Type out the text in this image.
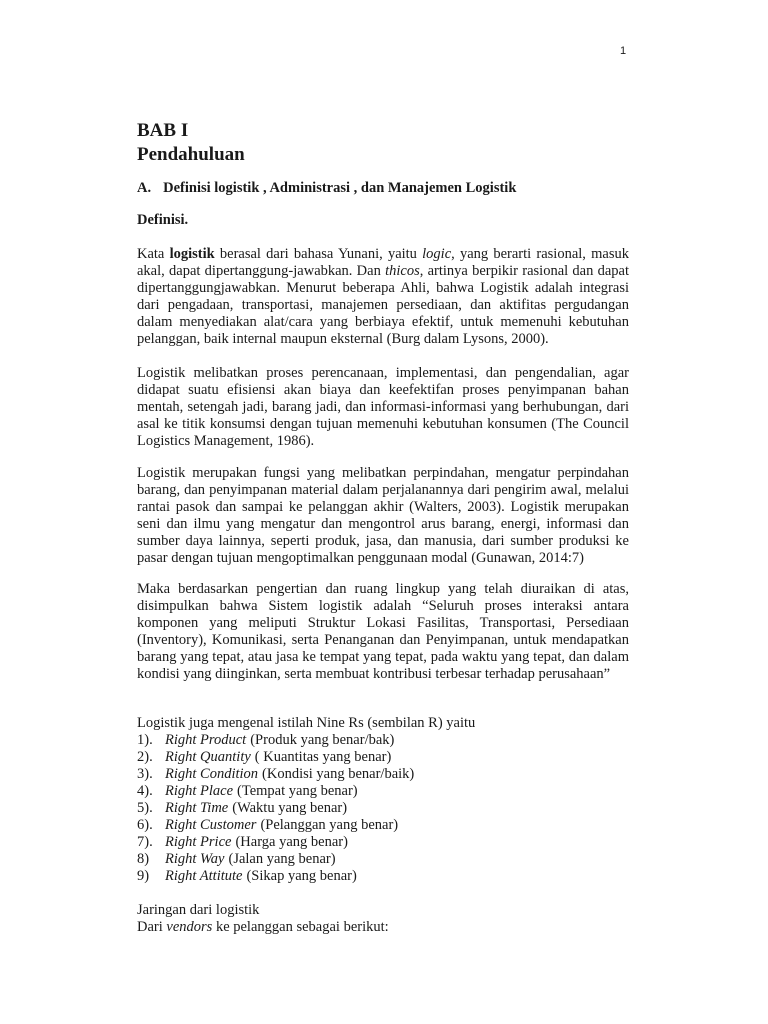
1
BAB I
Pendahuluan
A. Definisi logistik , Administrasi , dan Manajemen Logistik
Definisi.

Kata logistik berasal dari bahasa Yunani, yaitu logic, yang berarti rasional, masuk akal, dapat dipertanggung-jawabkan. Dan thicos, artinya berpikir rasional dan dapat dipertanggungjawabkan. Menurut beberapa Ahli, bahwa Logistik adalah integrasi dari pengadaan, transportasi, manajemen persediaan, dan aktifitas pergudangan dalam menyediakan alat/cara yang berbiaya efektif, untuk memenuhi kebutuhan pelanggan, baik internal maupun eksternal (Burg dalam Lysons, 2000).

Logistik melibatkan proses perencanaan, implementasi, dan pengendalian, agar didapat suatu efisiensi akan biaya dan keefektifan proses penyimpanan bahan mentah, setengah jadi, barang jadi, dan informasi-informasi yang berhubungan, dari asal ke titik konsumsi dengan tujuan memenuhi kebutuhan konsumen (The Council Logistics Management, 1986).

Logistik merupakan fungsi yang melibatkan perpindahan, mengatur perpindahan barang, dan penyimpanan material dalam perjalanannya dari pengirim awal, melalui rantai pasok dan sampai ke pelanggan akhir (Walters, 2003). Logistik merupakan seni dan ilmu yang mengatur dan mengontrol arus barang, energi, informasi dan sumber daya lainnya, seperti produk, jasa, dan manusia, dari sumber produksi ke pasar dengan tujuan mengoptimalkan penggunaan modal (Gunawan, 2014:7)

Maka berdasarkan pengertian dan ruang lingkup yang telah diuraikan di atas, disimpulkan bahwa Sistem logistik adalah “Seluruh proses interaksi antara komponen yang meliputi Struktur Lokasi Fasilitas, Transportasi, Persediaan (Inventory), Komunikasi, serta Penanganan dan Penyimpanan, untuk mendapatkan barang yang tepat, atau jasa ke tempat yang tepat, pada waktu yang tepat, dan dalam kondisi yang diinginkan, serta membuat kontribusi terbesar terhadap perusahaan”

Logistik juga mengenal istilah Nine Rs (sembilan R) yaitu

1). Right Product (Produk yang benar/bak)
2). Right Quantity ( Kuantitas yang benar)
3). Right Condition (Kondisi yang benar/baik)
4). Right Place (Tempat yang benar)
5). Right Time (Waktu yang benar)
6). Right Customer (Pelanggan yang benar)
7). Right Price (Harga yang benar)
8)	Right Way (Jalan yang benar)
9)	Right Attitute (Sikap yang benar)

Jaringan dari logistik

Dari vendors ke pelanggan sebagai berikut:
